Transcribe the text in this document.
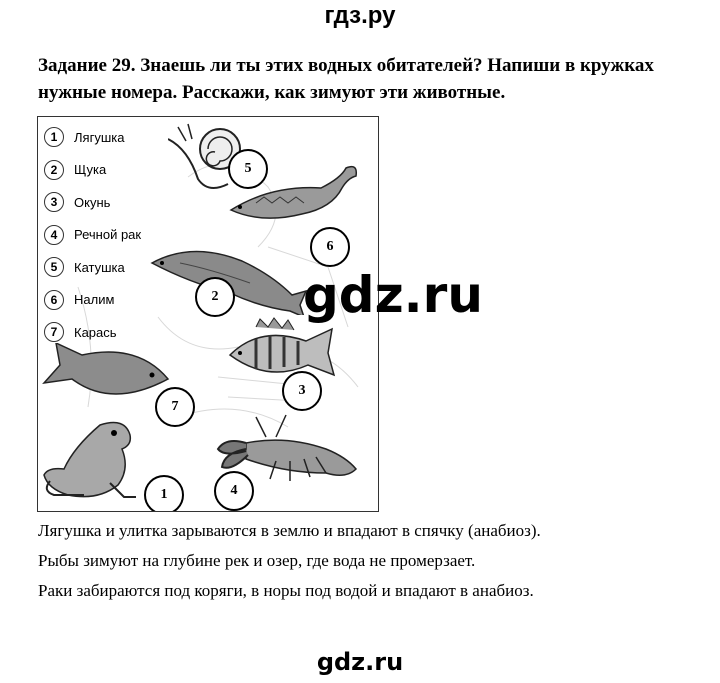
гдз.ру
Задание 29. Знаешь ли ты этих водных обитателей? Напиши в кружках нужные номера. Расскажи, как зимуют эти животные.
1	Лягушка
2	Щука
3	Окунь
4	Речной рак
5	Катушка
6	Налим
7	Карась
5
6
2
3
7
1	4
gdz.ru
Лягушка и улитка зарываются в землю и впадают в спячку (анабиоз).
Рыбы зимуют на глубине рек и озер, где вода не промерзает.
Раки забираются под коряги, в норы под водой и впадают в анабиоз.
gdz.ru
